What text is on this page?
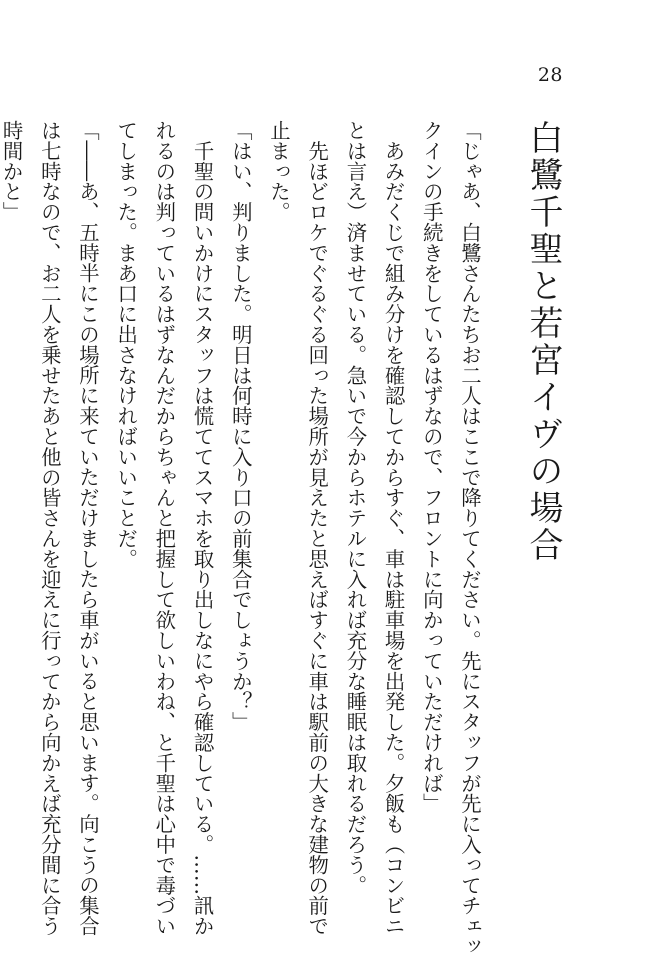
28
白鷺千聖と若宮イヴの場合
「じゃあ、白鷺さんたちお二人はここで降りてください。先にスタッフが先に入ってチェッ
クインの手続きをしているはずなので、フロントに向かっていただければ」
　あみだくじで組み分けを確認してからすぐ、車は駐車場を出発した。夕飯も（コンビニ
とは言え）済ませている。急いで今からホテルに入れば充分な睡眠は取れるだろう。
　先ほどロケでぐるぐる回った場所が見えたと思えばすぐに車は駅前の大きな建物の前で
止まった。
「はい、判りました。明日は何時に入り口の前集合でしょうか？」
　千聖の問いかけにスタッフは慌ててスマホを取り出しなにやら確認している。……訊か
れるのは判っているはずなんだからちゃんと把握して欲しいわね、と千聖は心中で毒づい
てしまった。まあ口に出さなければいいことだ。
「――あ、五時半にこの場所に来ていただけましたら車がいると思います。向こうの集合
は七時なので、お二人を乗せたあと他の皆さんを迎えに行ってから向かえば充分間に合う
時間かと」
